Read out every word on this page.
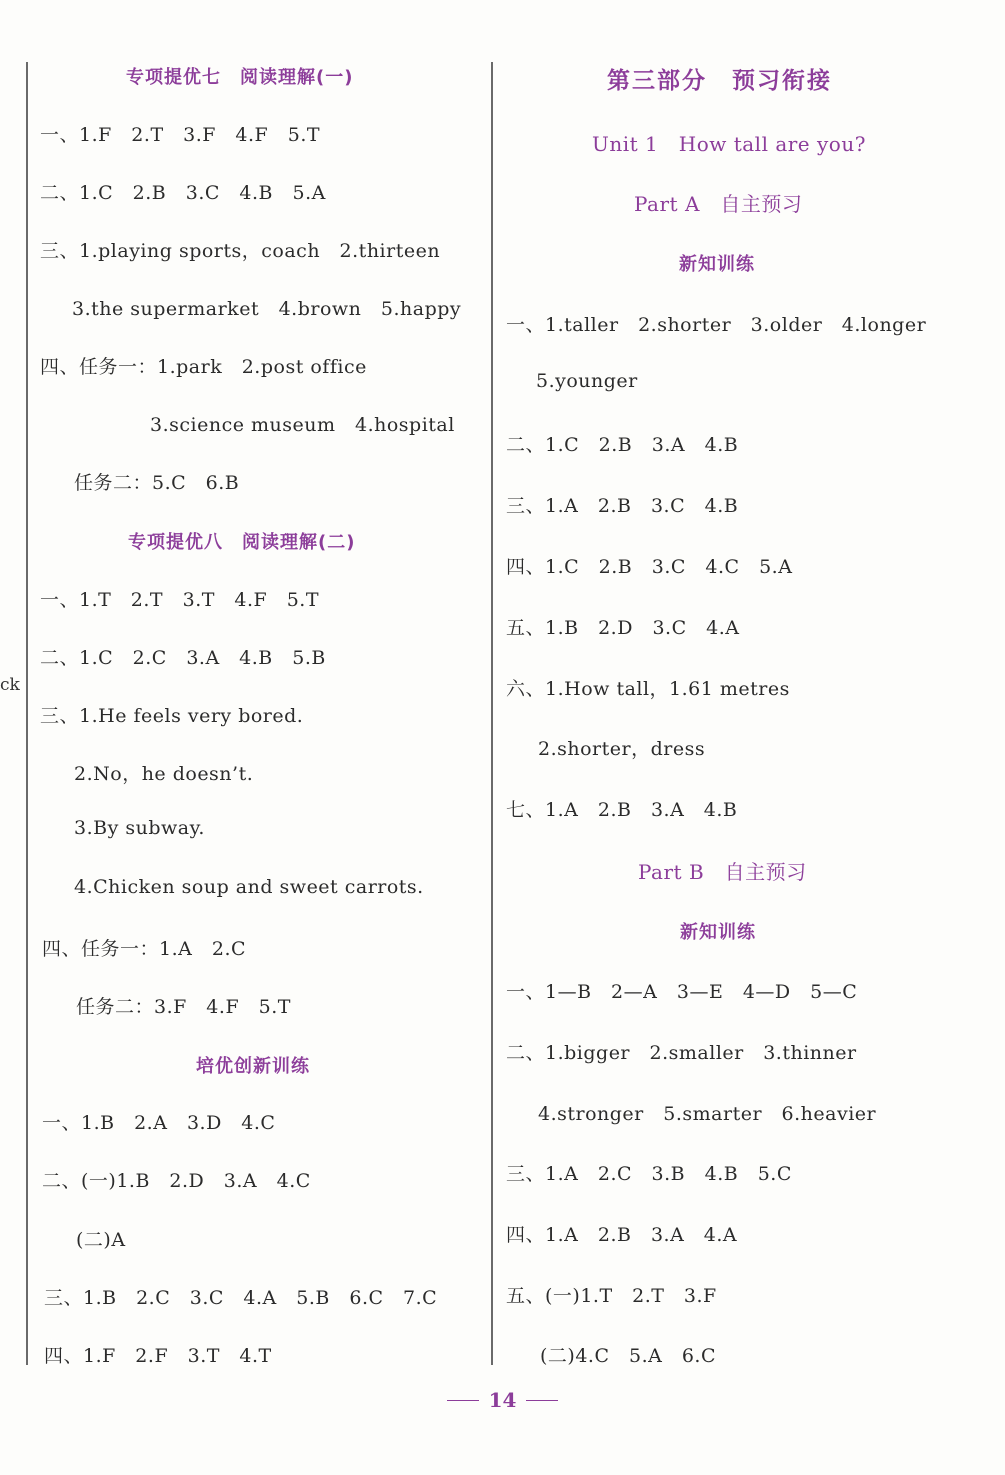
ck
专项提优七　阅读理解(一)
一、1.F　2.T　3.F　4.F　5.T
二、1.C　2.B　3.C　4.B　5.A
三、1.playing sports，coach　2.thirteen
3.the supermarket　4.brown　5.happy
四、任务一：1.park　2.post office
3.science museum　4.hospital
任务二：5.C　6.B
专项提优八　阅读理解(二)
一、1.T　2.T　3.T　4.F　5.T
二、1.C　2.C　3.A　4.B　5.B
三、1.He feels very bored.
2.No，he doesn’t.
3.By subway.
4.Chicken soup and sweet carrots.
四、任务一：1.A　2.C
任务二：3.F　4.F　5.T
培优创新训练
一、1.B　2.A　3.D　4.C
二、(一)1.B　2.D　3.A　4.C
(二)A
三、1.B　2.C　3.C　4.A　5.B　6.C　7.C
四、1.F　2.F　3.T　4.T
第三部分　预习衔接
Unit 1　How tall are you?
Part A　自主预习
新知训练
一、1.taller　2.shorter　3.older　4.longer
5.younger
二、1.C　2.B　3.A　4.B
三、1.A　2.B　3.C　4.B
四、1.C　2.B　3.C　4.C　5.A
五、1.B　2.D　3.C　4.A
六、1.How tall，1.61 metres
2.shorter，dress
七、1.A　2.B　3.A　4.B
Part B　自主预习
新知训练
一、1—B　2—A　3—E　4—D　5—C
二、1.bigger　2.smaller　3.thinner
4.stronger　5.smarter　6.heavier
三、1.A　2.C　3.B　4.B　5.C
四、1.A　2.B　3.A　4.A
五、(一)1.T　2.T　3.F
(二)4.C　5.A　6.C
14
